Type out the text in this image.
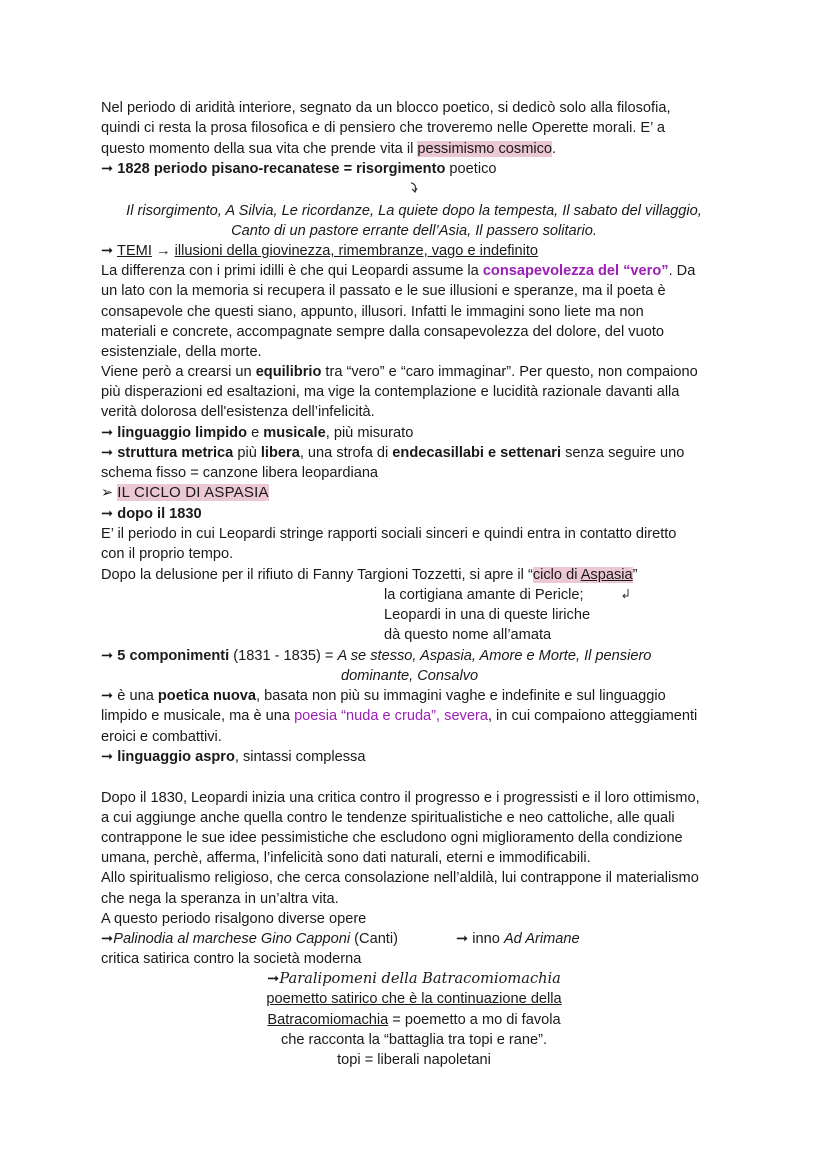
Nel periodo di aridità interiore, segnato da un blocco poetico, si dedicò solo alla filosofia,
quindi ci resta la prosa filosofica e di pensiero che troveremo nelle Operette morali. E’ a
questo momento della sua vita che prende vita il pessimismo cosmico.
➞ 1828 periodo pisano-recanatese = risorgimento poetico
Il risorgimento, A Silvia, Le ricordanze, La quiete dopo la tempesta, Il sabato del villaggio,
Canto di un pastore errante dell’Asia, Il passero solitario.
➞ TEMI → illusioni della giovinezza, rimembranze, vago e indefinito
La differenza con i primi idilli è che qui Leopardi assume la consapevolezza del “vero”. Da
un lato con la memoria si recupera il passato e le sue illusioni e speranze, ma il poeta è
consapevole che questi siano, appunto, illusori. Infatti le immagini sono liete ma non
materiali e concrete, accompagnate sempre dalla consapevolezza del dolore, del vuoto
esistenziale, della morte.
Viene però a crearsi un equilibrio tra “vero” e “caro immaginar”. Per questo, non compaiono
più disperazioni ed esaltazioni, ma vige la contemplazione e lucidità razionale davanti alla
verità dolorosa dell'esistenza dell’infelicità.
➞ linguaggio limpido e musicale, più misurato
➞ struttura metrica più libera, una strofa di endecasillabi e settenari senza seguire uno
schema fisso = canzone libera leopardiana
➢ IL CICLO DI ASPASIA
➞ dopo il 1830
E’ il periodo in cui Leopardi stringe rapporti sociali sinceri e quindi entra in contatto diretto
con il proprio tempo.
Dopo la delusione per il rifiuto di Fanny Targioni Tozzetti, si apre il “ciclo di Aspasia”
la cortigiana amante di Pericle;
Leopardi in una di queste liriche
dà questo nome all’amata
➞ 5 componimenti (1831 - 1835) = A se stesso, Aspasia, Amore e Morte, Il pensiero
dominante, Consalvo
➞ è una poetica nuova, basata non più su immagini vaghe e indefinite e sul linguaggio
limpido e musicale, ma è una poesia “nuda e cruda”, severa, in cui compaiono atteggiamenti
eroici e combattivi.
➞ linguaggio aspro, sintassi complessa
Dopo il 1830, Leopardi inizia una critica contro il progresso e i progressisti e il loro ottimismo,
a cui aggiunge anche quella contro le tendenze spiritualistiche e neo cattoliche, alle quali
contrappone le sue idee pessimistiche che escludono ogni miglioramento della condizione
umana, perchè, afferma, l’infelicità sono dati naturali, eterni e immodificabili.
Allo spiritualismo religioso, che cerca consolazione nell’aldilà, lui contrappone il materialismo
che nega la speranza in un’altra vita.
A questo periodo risalgono diverse opere
➞Palinodia al marchese Gino Capponi (Canti)	➞ inno Ad Arimane
critica satirica contro la società moderna
➞Paralipomeni della Batracomiomachia
poemetto satirico che è la continuazione della
Batracomiomachia = poemetto a mo di favola
che racconta la “battaglia tra topi e rane”.
topi = liberali napoletani
